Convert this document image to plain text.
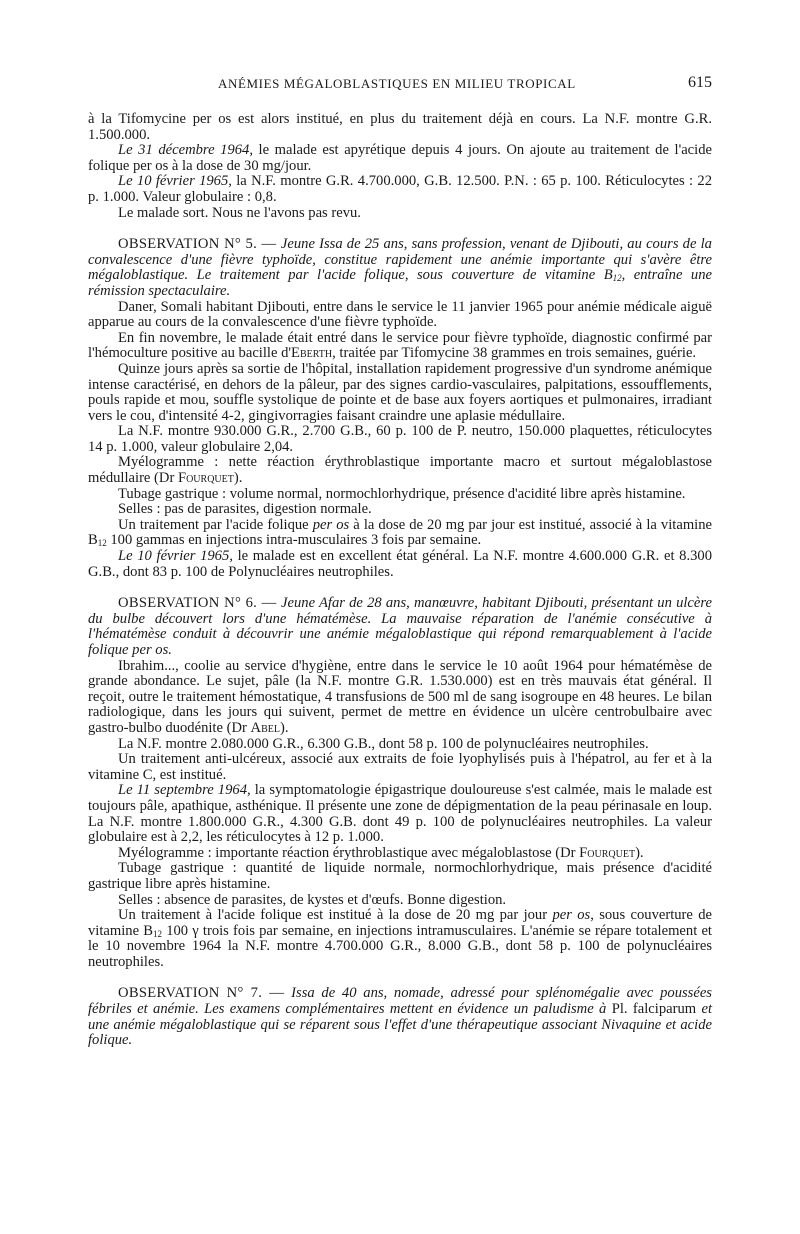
ANÉMIES MÉGALOBLASTIQUES EN MILIEU TROPICAL	615

à la Tifomycine per os est alors institué, en plus du traitement déjà en cours. La N.F. montre G.R. 1.500.000.

Le 31 décembre 1964, le malade est apyrétique depuis 4 jours. On ajoute au traitement de l'acide folique per os à la dose de 30 mg/jour.

Le 10 février 1965, la N.F. montre G.R. 4.700.000, G.B. 12.500. P.N. : 65 p. 100. Réticulocytes : 22 p. 1.000. Valeur globulaire : 0,8.

Le malade sort. Nous ne l'avons pas revu.

OBSERVATION N° 5. — Jeune Issa de 25 ans, sans profession, venant de Djibouti, au cours de la convalescence d'une fièvre typhoïde, constitue rapidement une anémie importante qui s'avère être mégaloblastique. Le traitement par l'acide folique, sous couverture de vitamine $B_{12}$, entraîne une rémission spectaculaire.

Daner, Somali habitant Djibouti, entre dans le service le 11 janvier 1965 pour anémie médicale aiguë apparue au cours de la convalescence d'une fièvre typhoïde.

En fin novembre, le malade était entré dans le service pour fièvre typhoïde, diagnostic confirmé par l'hémoculture positive au bacille d'Eberth, traitée par Tifomycine 38 grammes en trois semaines, guérie.

Quinze jours après sa sortie de l'hôpital, installation rapidement progressive d'un syndrome anémique intense caractérisé, en dehors de la pâleur, par des signes cardio-vasculaires, palpitations, essoufflements, pouls rapide et mou, souffle systolique de pointe et de base aux foyers aortiques et pulmonaires, irradiant vers le cou, d'intensité 4-2, gingivorragies faisant craindre une aplasie médullaire.

La N.F. montre 930.000 G.R., 2.700 G.B., 60 p. 100 de P. neutro, 150.000 plaquettes, réticulocytes 14 p. 1.000, valeur globulaire 2,04.

Myélogramme : nette réaction érythroblastique importante macro et surtout mégaloblastose médullaire (Dr Fourquet).

Tubage gastrique : volume normal, normochlorhydrique, présence d'acidité libre après histamine.

Selles : pas de parasites, digestion normale.

Un traitement par l'acide folique per os à la dose de 20 mg par jour est institué, associé à la vitamine $B_{12}$ 100 gammas en injections intra-musculaires 3 fois par semaine.

Le 10 février 1965, le malade est en excellent état général. La N.F. montre 4.600.000 G.R. et 8.300 G.B., dont 83 p. 100 de Polynucléaires neutrophiles.

OBSERVATION N° 6. — Jeune Afar de 28 ans, manœuvre, habitant Djibouti, présentant un ulcère du bulbe découvert lors d'une hématémèse. La mauvaise réparation de l'anémie consécutive à l'hématémèse conduit à découvrir une anémie mégaloblastique qui répond remarquablement à l'acide folique per os.

Ibrahim..., coolie au service d'hygiène, entre dans le service le 10 août 1964 pour hématémèse de grande abondance. Le sujet, pâle (la N.F. montre G.R. 1.530.000) est en très mauvais état général. Il reçoit, outre le traitement hémostatique, 4 transfusions de 500 ml de sang isogroupe en 48 heures. Le bilan radiologique, dans les jours qui suivent, permet de mettre en évidence un ulcère centrobulbaire avec gastro-bulbo duodénite (Dr Abel).

La N.F. montre 2.080.000 G.R., 6.300 G.B., dont 58 p. 100 de polynucléaires neutrophiles.

Un traitement anti-ulcéreux, associé aux extraits de foie lyophylisés puis à l'hépatrol, au fer et à la vitamine C, est institué.

Le 11 septembre 1964, la symptomatologie épigastrique douloureuse s'est calmée, mais le malade est toujours pâle, apathique, asthénique. Il présente une zone de dépigmentation de la peau périnasale en loup. La N.F. montre 1.800.000 G.R., 4.300 G.B. dont 49 p. 100 de polynucléaires neutrophiles. La valeur globulaire est à 2,2, les réticulocytes à 12 p. 1.000.

Myélogramme : importante réaction érythroblastique avec mégaloblastose (Dr Fourquet).

Tubage gastrique : quantité de liquide normale, normochlorhydrique, mais présence d'acidité gastrique libre après histamine.

Selles : absence de parasites, de kystes et d'œufs. Bonne digestion.

Un traitement à l'acide folique est institué à la dose de 20 mg par jour per os, sous couverture de vitamine $B_{12}$ 100 γ trois fois par semaine, en injections intramusculaires. L'anémie se répare totalement et le 10 novembre 1964 la N.F. montre 4.700.000 G.R., 8.000 G.B., dont 58 p. 100 de polynucléaires neutrophiles.

OBSERVATION N° 7. — Issa de 40 ans, nomade, adressé pour splénomégalie avec poussées fébriles et anémie. Les examens complémentaires mettent en évidence un paludisme à Pl. falciparum et une anémie mégaloblastique qui se réparent sous l'effet d'une thérapeutique associant Nivaquine et acide folique.
